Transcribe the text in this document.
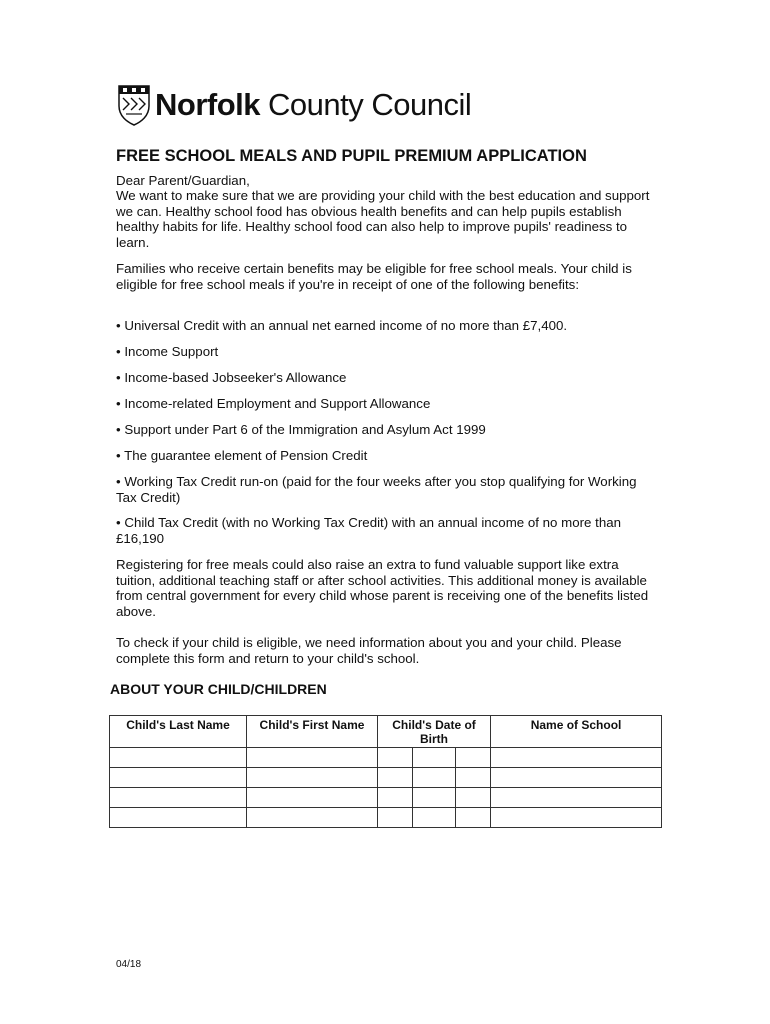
Norfolk County Council
FREE SCHOOL MEALS AND PUPIL PREMIUM APPLICATION

Dear Parent/Guardian,

We want to make sure that we are providing your child with the best education and support we can. Healthy school food has obvious health benefits and can help pupils establish healthy habits for life. Healthy school food can also help to improve pupils' readiness to learn.

Families who receive certain benefits may be eligible for free school meals. Your child is eligible for free school meals if you're in receipt of one of the following benefits:

• Universal Credit with an annual net earned income of no more than £7,400.

• Income Support

• Income-based Jobseeker's Allowance

• Income-related Employment and Support Allowance

• Support under Part 6 of the Immigration and Asylum Act 1999

• The guarantee element of Pension Credit

• Working Tax Credit run-on (paid for the four weeks after you stop qualifying for Working Tax Credit)

• Child Tax Credit (with no Working Tax Credit) with an annual income of no more than £16,190

Registering for free meals could also raise an extra to fund valuable support like extra tuition, additional teaching staff or after school activities. This additional money is available from central government for every child whose parent is receiving one of the benefits listed above.

To check if your child is eligible, we need information about you and your child. Please complete this form and return to your child's school.

ABOUT YOUR CHILD/CHILDREN
Child's Last Name	Child's First Name	Child's Date of Birth			Name of School

04/18
